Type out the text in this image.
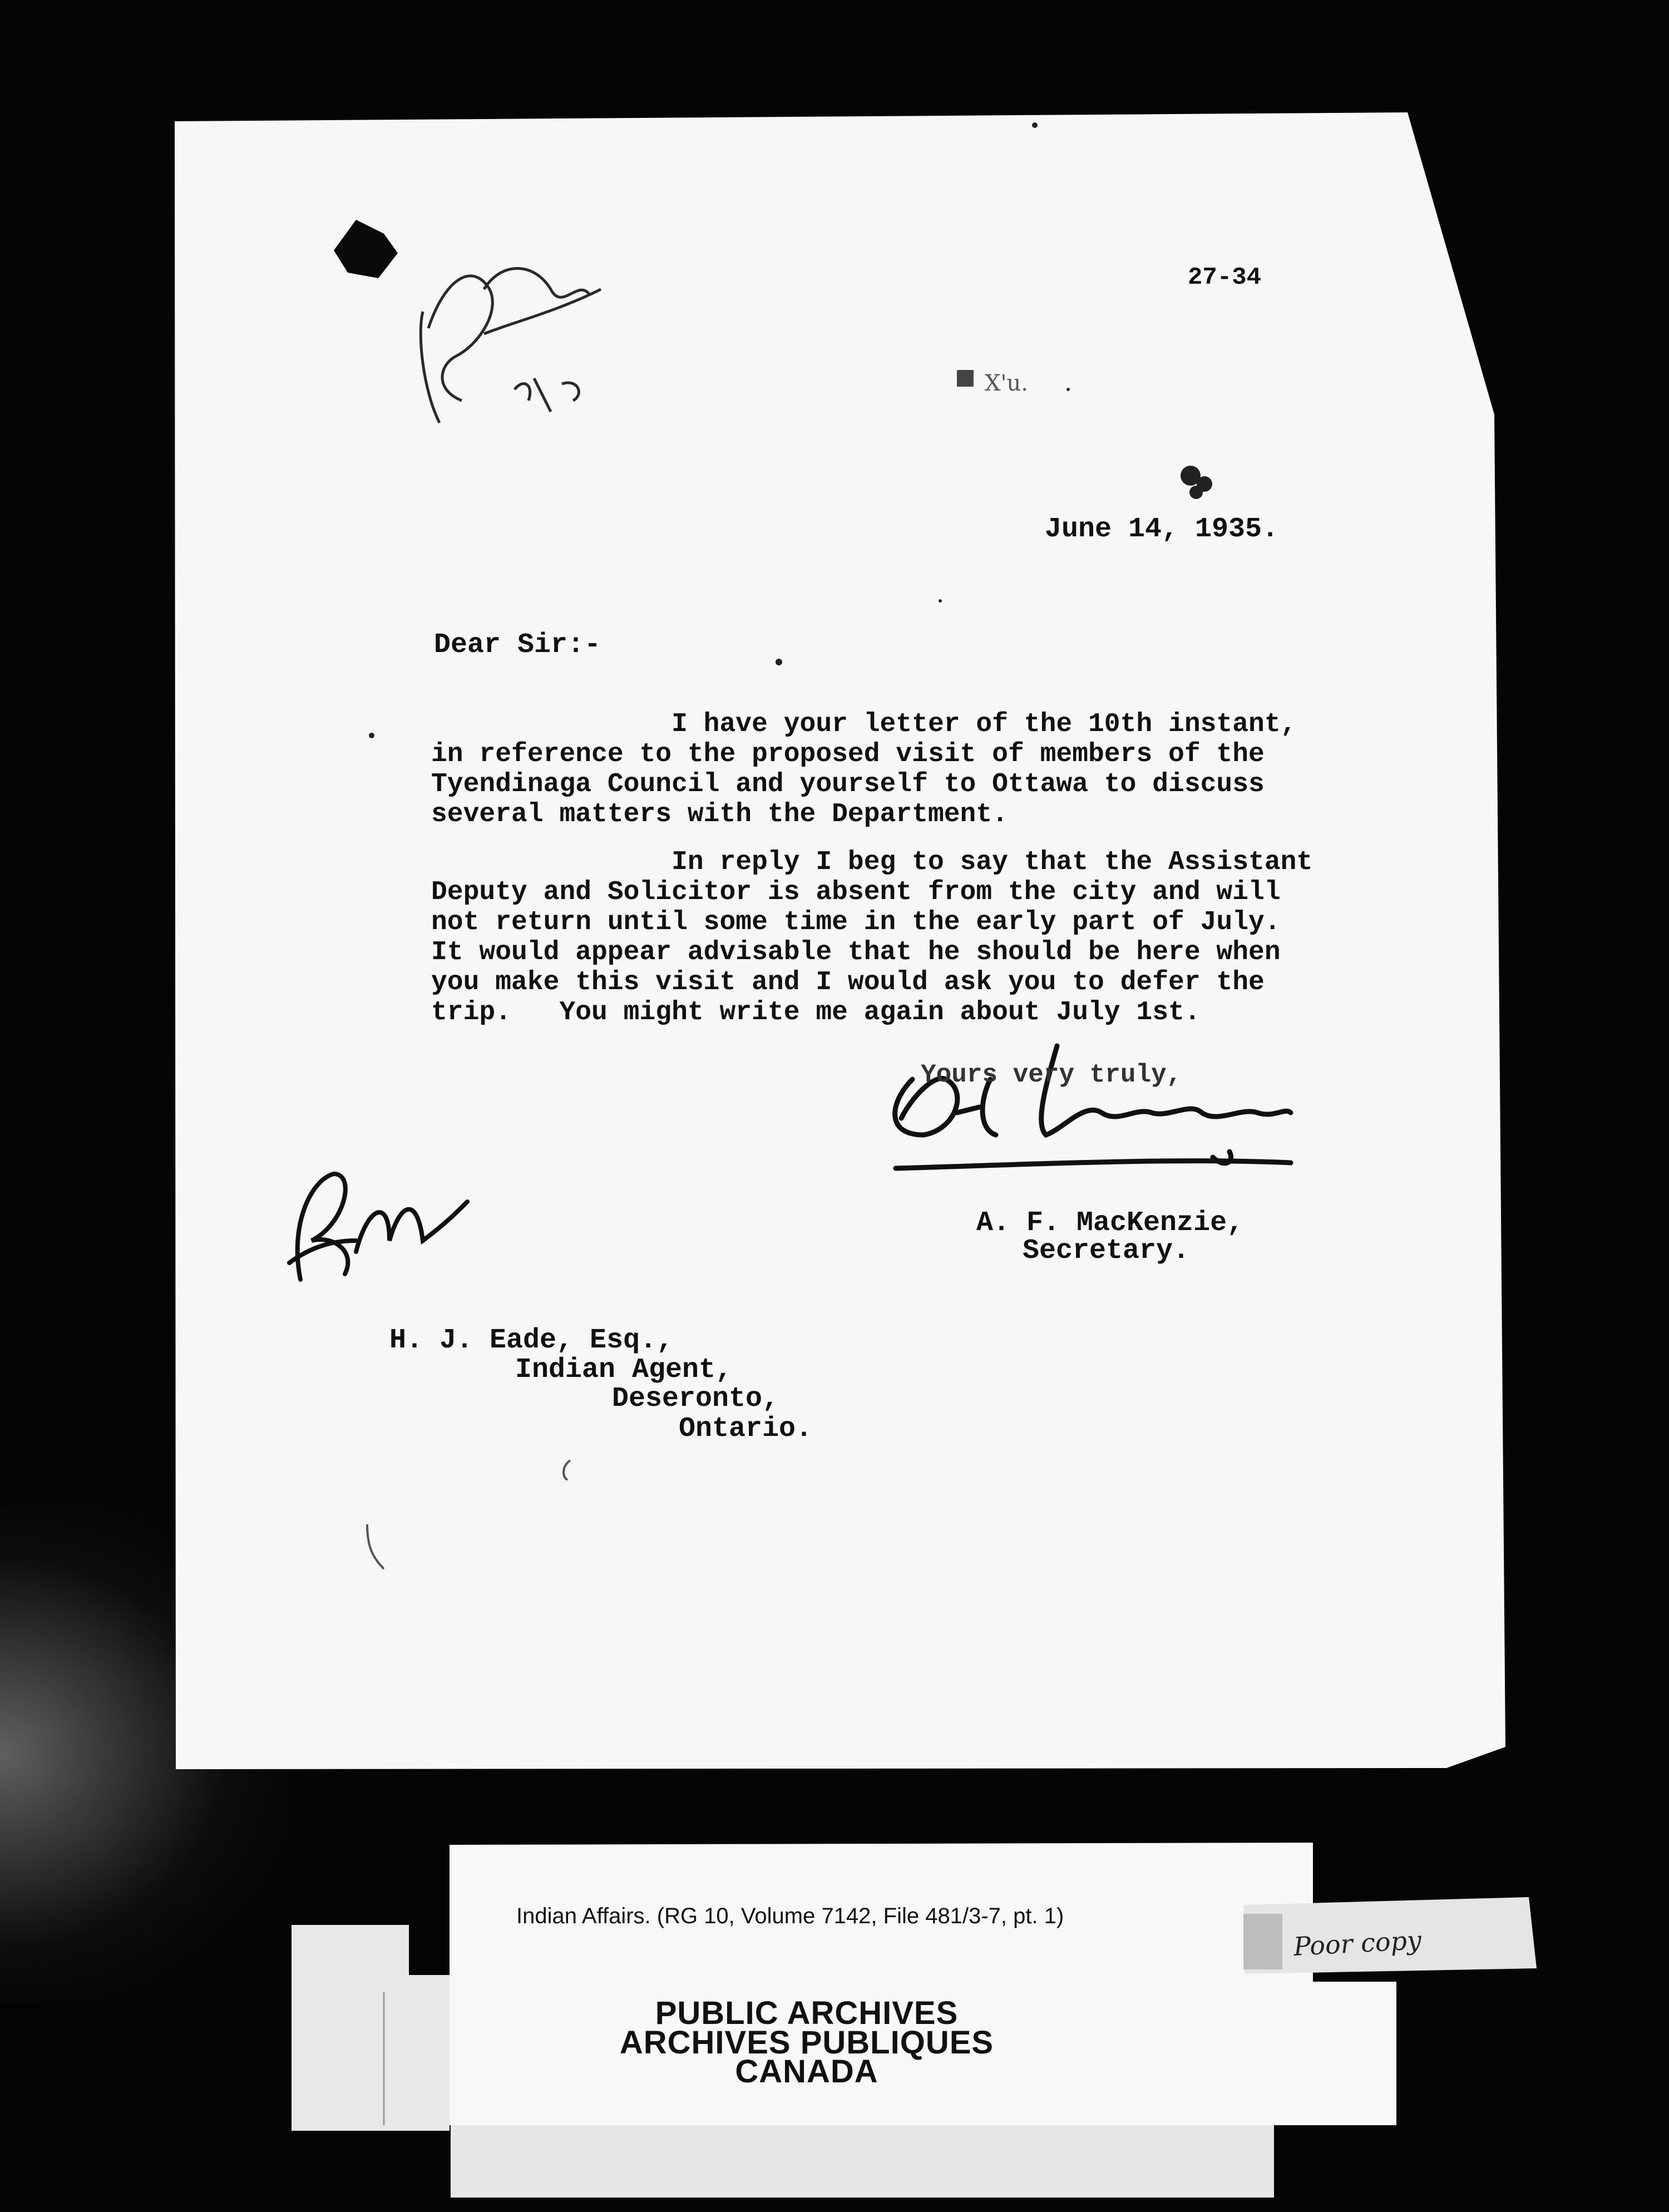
X'u.
27-34
June 14, 1935.
Dear Sir:-
I have your letter of the 10th instant,
in reference to the proposed visit of members of the
Tyendinaga Council and yourself to Ottawa to discuss
several matters with the Department.
In reply I beg to say that the Assistant
Deputy and Solicitor is absent from the city and will
not return until some time in the early part of July.
It would appear advisable that he should be here when
you make this visit and I would ask you to defer the
trip.   You might write me again about July 1st.
Yours very truly,
A. F. MacKenzie,
Secretary.
H. J. Eade, Esq.,
Indian Agent,
Deseronto,
Ontario.
Indian Affairs. (RG 10, Volume 7142, File 481/3-7, pt. 1)
PUBLIC ARCHIVES
ARCHIVES PUBLIQUES
CANADA
Poor copy
